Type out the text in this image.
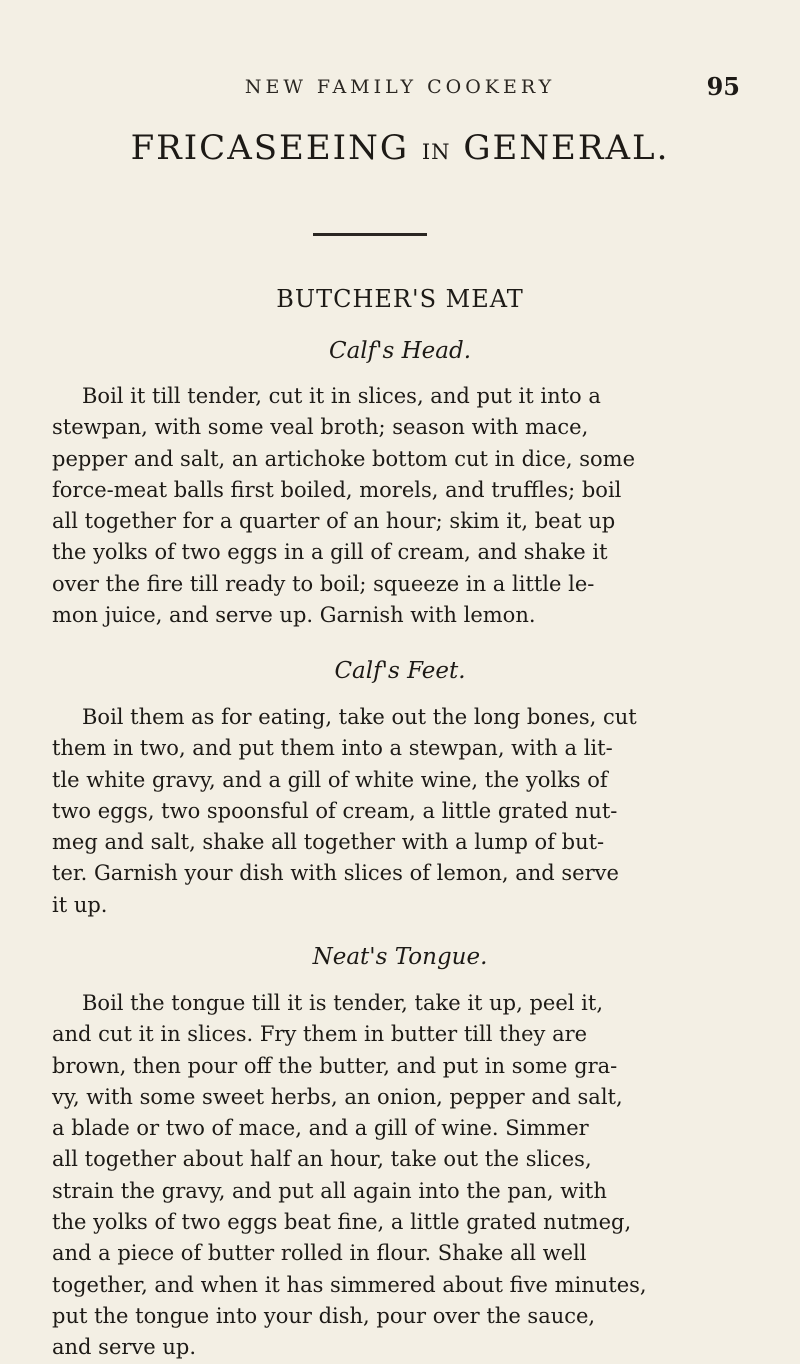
NEW FAMILY COOKERY	95
FRICASEEING IN GENERAL.
BUTCHER'S MEAT
Calf's Head.
Boil it till tender, cut it in slices, and put it into a
stewpan, with some veal broth; season with mace,
pepper and salt, an artichoke bottom cut in dice, some
force-meat balls first boiled, morels, and truffles; boil
all together for a quarter of an hour; skim it, beat up
the yolks of two eggs in a gill of cream, and shake it
over the fire till ready to boil; squeeze in a little le-
mon juice, and serve up. Garnish with lemon.
Calf's Feet.
Boil them as for eating, take out the long bones, cut
them in two, and put them into a stewpan, with a lit-
tle white gravy, and a gill of white wine, the yolks of
two eggs, two spoonsful of cream, a little grated nut-
meg and salt, shake all together with a lump of but-
ter. Garnish your dish with slices of lemon, and serve
it up.
Neat's Tongue.
Boil the tongue till it is tender, take it up, peel it,
and cut it in slices. Fry them in butter till they are
brown, then pour off the butter, and put in some gra-
vy, with some sweet herbs, an onion, pepper and salt,
a blade or two of mace, and a gill of wine. Simmer
all together about half an hour, take out the slices,
strain the gravy, and put all again into the pan, with
the yolks of two eggs beat fine, a little grated nutmeg,
and a piece of butter rolled in flour. Shake all well
together, and when it has simmered about five minutes,
put the tongue into your dish, pour over the sauce,
and serve up.
